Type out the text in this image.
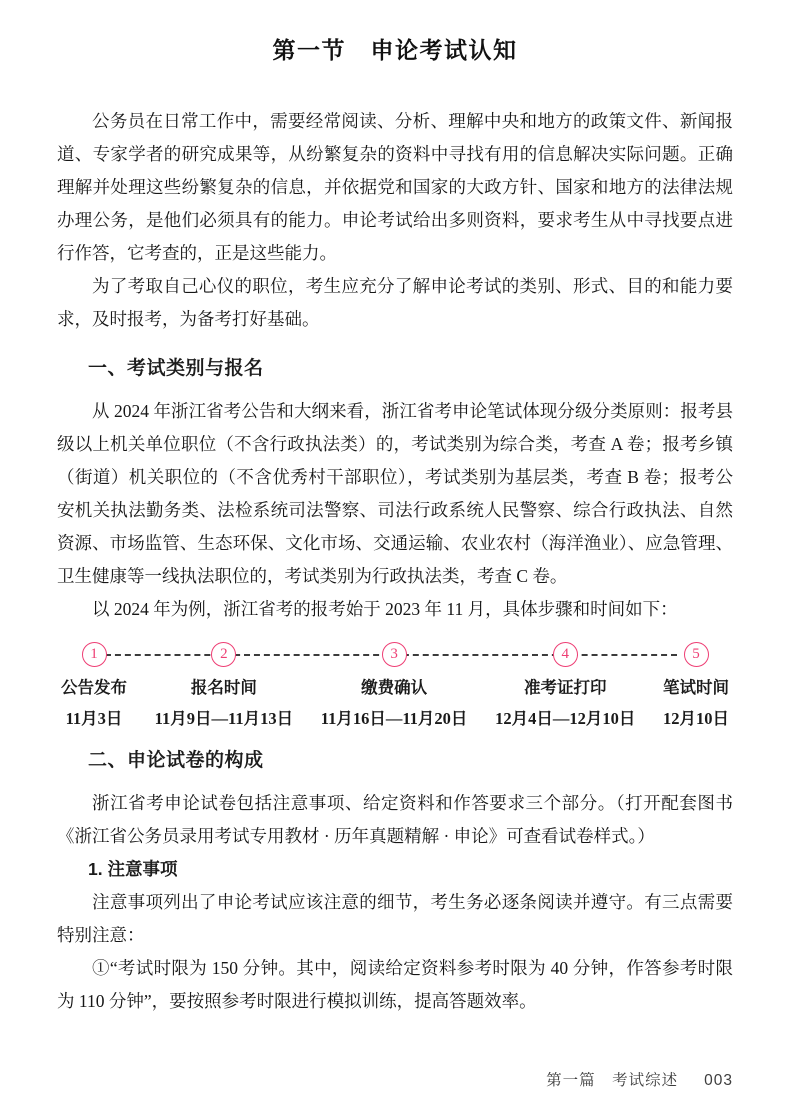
第一节　申论考试认知

公务员在日常工作中，需要经常阅读、分析、理解中央和地方的政策文件、新闻报道、专家学者的研究成果等，从纷繁复杂的资料中寻找有用的信息解决实际问题。正确理解并处理这些纷繁复杂的信息，并依据党和国家的大政方针、国家和地方的法律法规办理公务，是他们必须具有的能力。申论考试给出多则资料，要求考生从中寻找要点进行作答，它考查的，正是这些能力。

为了考取自己心仪的职位，考生应充分了解申论考试的类别、形式、目的和能力要求，及时报考，为备考打好基础。

一、考试类别与报名

从 2024 年浙江省考公告和大纲来看，浙江省考申论笔试体现分级分类原则：报考县级以上机关单位职位（不含行政执法类）的，考试类别为综合类，考查 A 卷；报考乡镇（街道）机关职位的（不含优秀村干部职位），考试类别为基层类，考查 B 卷；报考公安机关执法勤务类、法检系统司法警察、司法行政系统人民警察、综合行政执法、自然资源、市场监管、生态环保、文化市场、交通运输、农业农村（海洋渔业）、应急管理、卫生健康等一线执法职位的，考试类别为行政执法类，考查 C 卷。

以 2024 年为例，浙江省考的报考始于 2023 年 11 月，具体步骤和时间如下：

1
公告发布
11月3日
2
报名时间
11月9日—11月13日
3
缴费确认
11月16日—11月20日
4
准考证打印
12月4日—12月10日
5
笔试时间
12月10日
二、申论试卷的构成

浙江省考申论试卷包括注意事项、给定资料和作答要求三个部分。（打开配套图书《浙江省公务员录用考试专用教材 · 历年真题精解 · 申论》可查看试卷样式。）

1. 注意事项

注意事项列出了申论考试应该注意的细节，考生务必逐条阅读并遵守。有三点需要特别注意：

①“考试时限为 150 分钟。其中，阅读给定资料参考时限为 40 分钟，作答参考时限为 110 分钟”，要按照参考时限进行模拟训练，提高答题效率。

第一篇　考试综述 003
